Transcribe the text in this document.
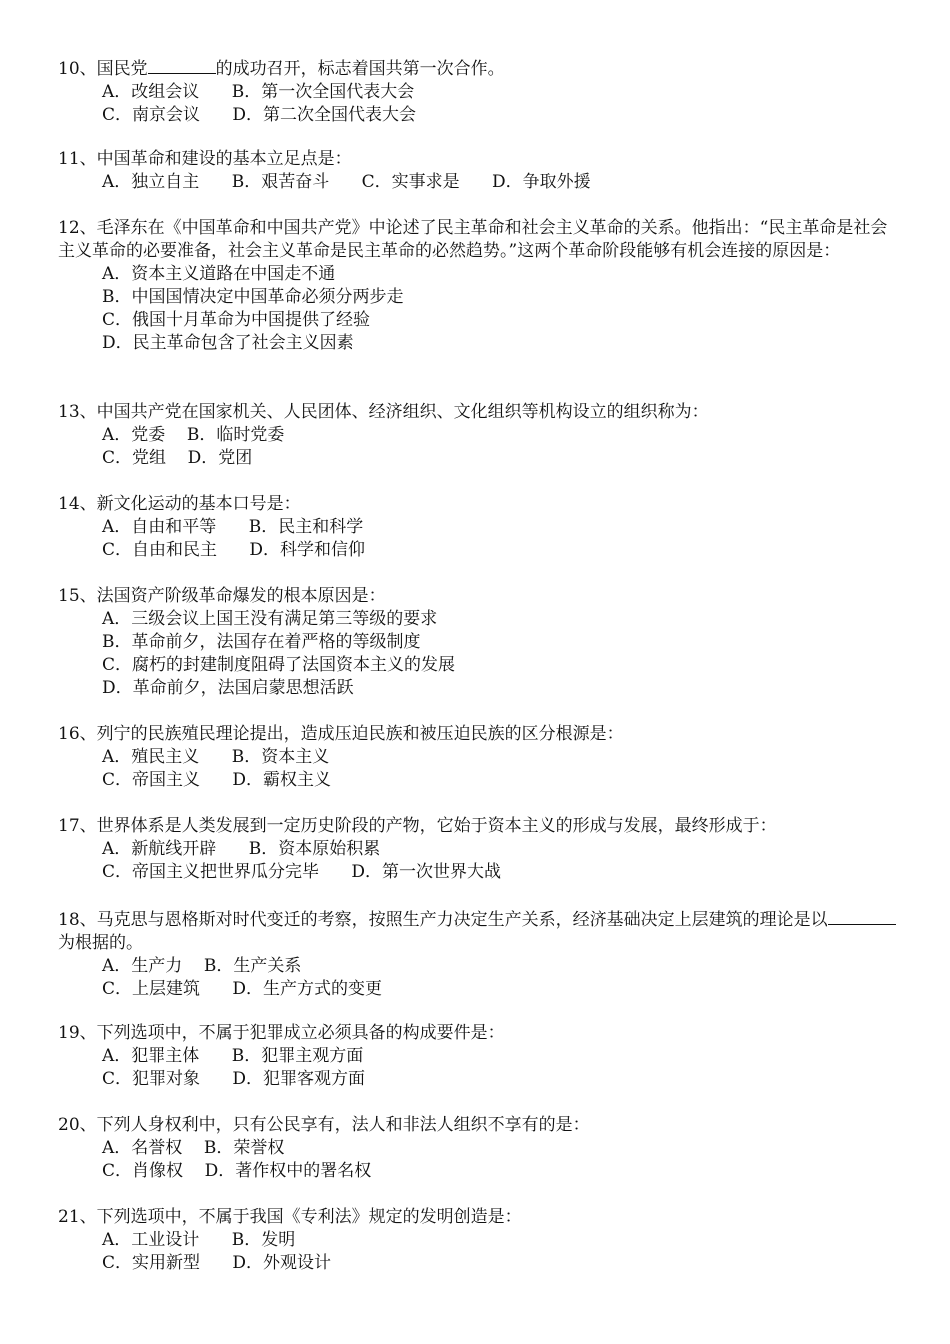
10、国民党	的成功召开，标志着国共第一次合作。

A．改组会议      B．第一次全国代表大会

C．南京会议      D．第二次全国代表大会

11、中国革命和建设的基本立足点是：

A．独立自主      B．艰苦奋斗      C．实事求是      D．争取外援

12、毛泽东在《中国革命和中国共产党》中论述了民主革命和社会主义革命的关系。他指出：“民主革命是社会主义革命的必要准备，社会主义革命是民主革命的必然趋势。”这两个革命阶段能够有机会连接的原因是：

A．资本主义道路在中国走不通

B．中国国情决定中国革命必须分两步走

C．俄国十月革命为中国提供了经验

D．民主革命包含了社会主义因素

13、中国共产党在国家机关、人民团体、经济组织、文化组织等机构设立的组织称为：

A．党委    B．临时党委

C．党组    D．党团

14、新文化运动的基本口号是：

A．自由和平等      B．民主和科学

C．自由和民主      D．科学和信仰

15、法国资产阶级革命爆发的根本原因是：

A．三级会议上国王没有满足第三等级的要求

B．革命前夕，法国存在着严格的等级制度

C．腐朽的封建制度阻碍了法国资本主义的发展

D．革命前夕，法国启蒙思想活跃

16、列宁的民族殖民理论提出，造成压迫民族和被压迫民族的区分根源是：

A．殖民主义      B．资本主义

C．帝国主义      D．霸权主义

17、世界体系是人类发展到一定历史阶段的产物，它始于资本主义的形成与发展，最终形成于：

A．新航线开辟      B．资本原始积累

C．帝国主义把世界瓜分完毕      D．第一次世界大战

18、马克思与恩格斯对时代变迁的考察，按照生产力决定生产关系，经济基础决定上层建筑的理论是以为根据的。

A．生产力    B．生产关系

C．上层建筑      D．生产方式的变更

19、下列选项中，不属于犯罪成立必须具备的构成要件是：

A．犯罪主体      B．犯罪主观方面

C．犯罪对象      D．犯罪客观方面

20、下列人身权利中，只有公民享有，法人和非法人组织不享有的是：

A．名誉权    B．荣誉权

C．肖像权    D．著作权中的署名权

21、下列选项中，不属于我国《专利法》规定的发明创造是：

A．工业设计      B．发明

C．实用新型      D．外观设计
